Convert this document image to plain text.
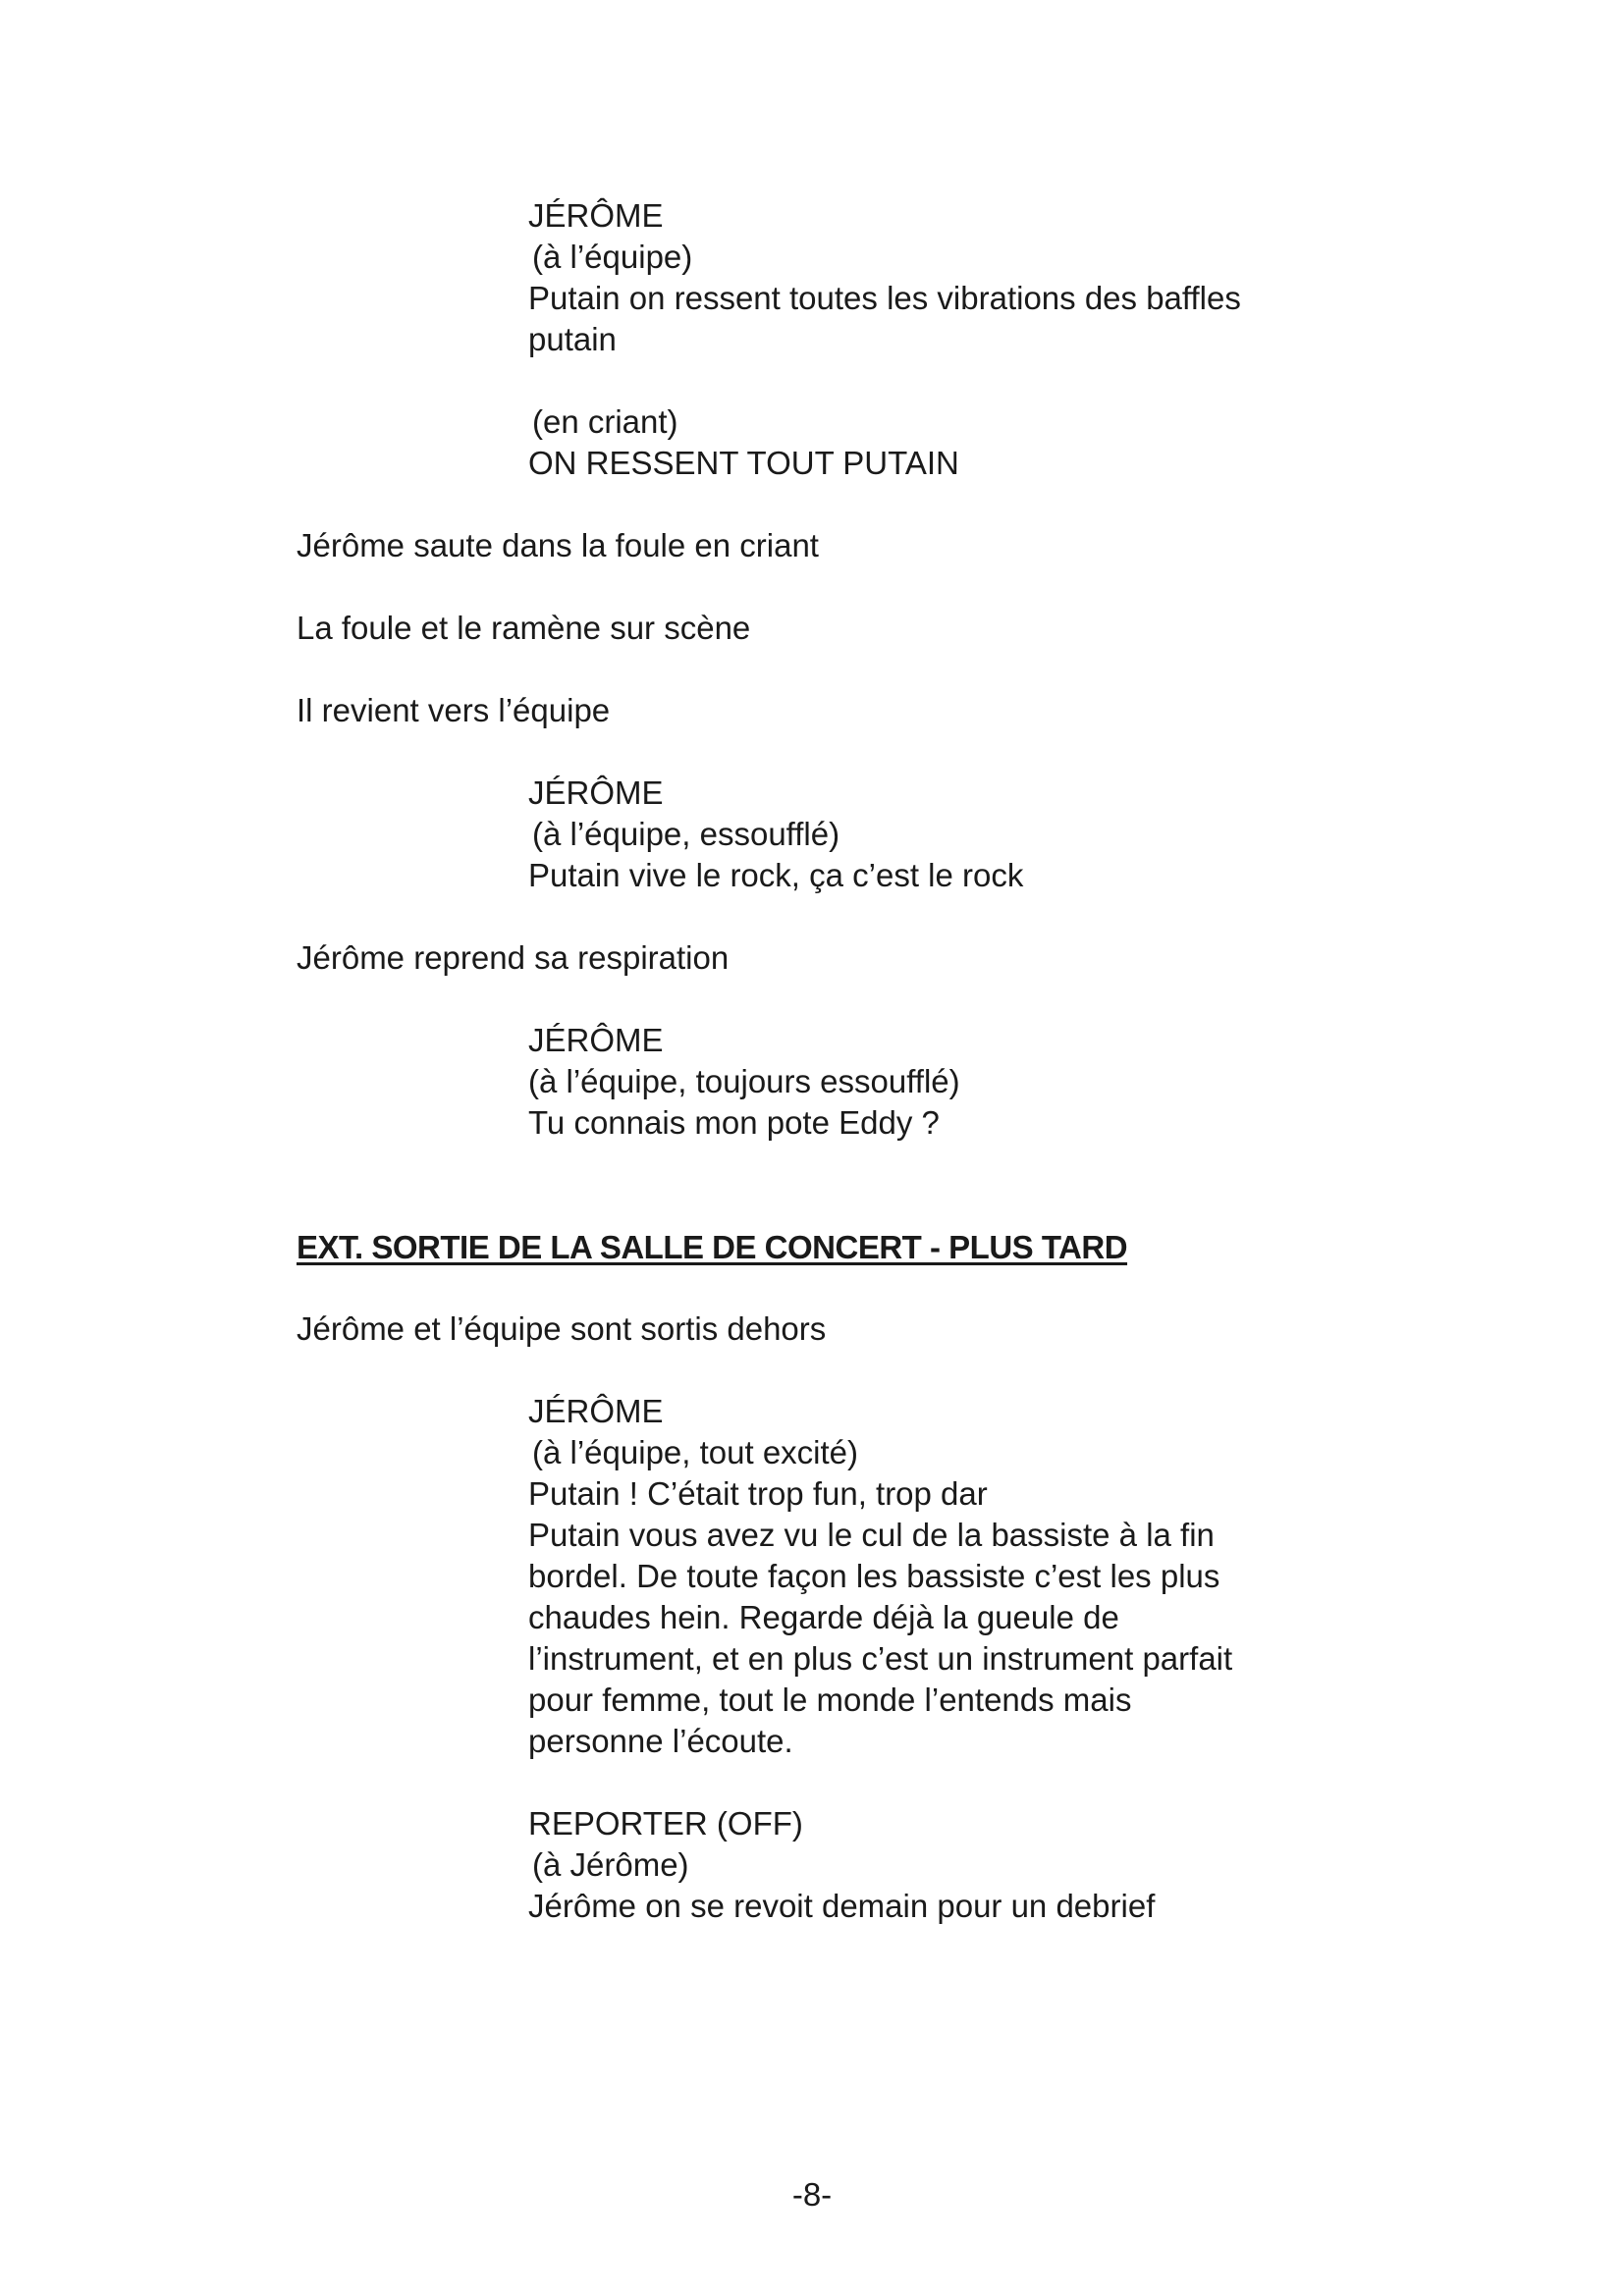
JÉRÔME

(à l’équipe)

Putain on ressent toutes les vibrations des baffles

putain

(en criant)

ON RESSENT TOUT PUTAIN

Jérôme saute dans la foule en criant

La foule et le ramène sur scène

Il revient vers l’équipe

JÉRÔME

(à l’équipe, essoufflé)

Putain vive le rock, ça c’est le rock

Jérôme reprend sa respiration

JÉRÔME

(à l’équipe, toujours essoufflé)

Tu connais mon pote Eddy ?

EXT. SORTIE DE LA SALLE DE CONCERT - PLUS TARD

Jérôme et l’équipe sont sortis dehors

JÉRÔME

(à l’équipe, tout excité)

Putain ! C’était trop fun, trop dar

Putain vous avez vu le cul de la bassiste à la fin

bordel. De toute façon les bassiste c’est les plus

chaudes hein. Regarde déjà la gueule de

l’instrument, et en plus c’est un instrument parfait

pour femme, tout le monde l’entends mais

personne l’écoute.

REPORTER (OFF)

(à Jérôme)

Jérôme on se revoit demain pour un debrief

-8-
